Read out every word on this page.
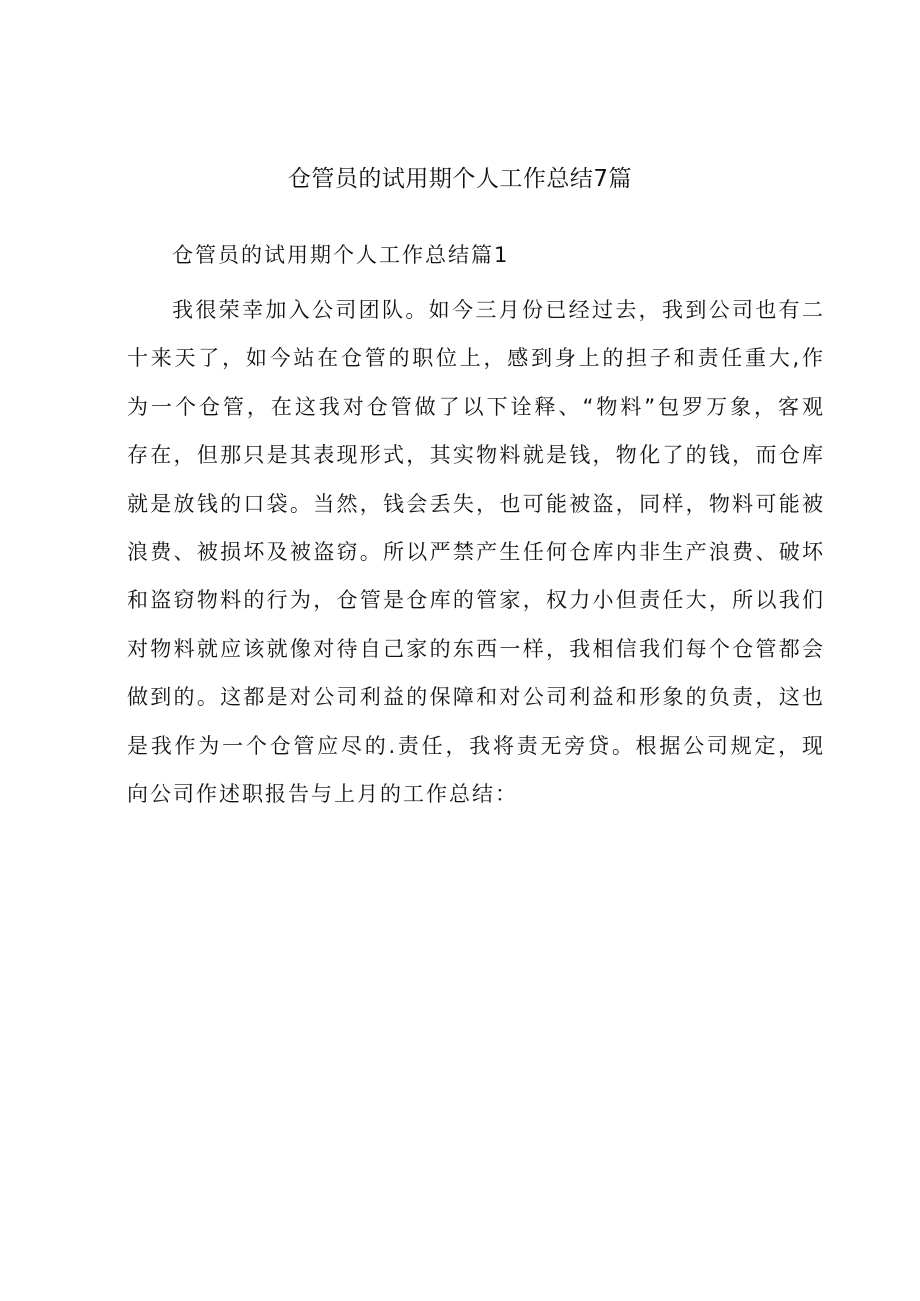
仓管员的试用期个人工作总结7篇
仓管员的试用期个人工作总结篇1
我很荣幸加入公司团队。如今三月份已经过去，我到公司也有二
十来天了，如今站在仓管的职位上，感到身上的担子和责任重大,作
为一个仓管，在这我对仓管做了以下诠释、“物料”包罗万象，客观
存在，但那只是其表现形式，其实物料就是钱，物化了的钱，而仓库
就是放钱的口袋。当然，钱会丢失，也可能被盗，同样，物料可能被
浪费、被损坏及被盗窃。所以严禁产生任何仓库内非生产浪费、破坏
和盗窃物料的行为，仓管是仓库的管家，权力小但责任大，所以我们
对物料就应该就像对待自己家的东西一样，我相信我们每个仓管都会
做到的。这都是对公司利益的保障和对公司利益和形象的负责，这也
是我作为一个仓管应尽的.责任，我将责无旁贷。根据公司规定，现
向公司作述职报告与上月的工作总结：
